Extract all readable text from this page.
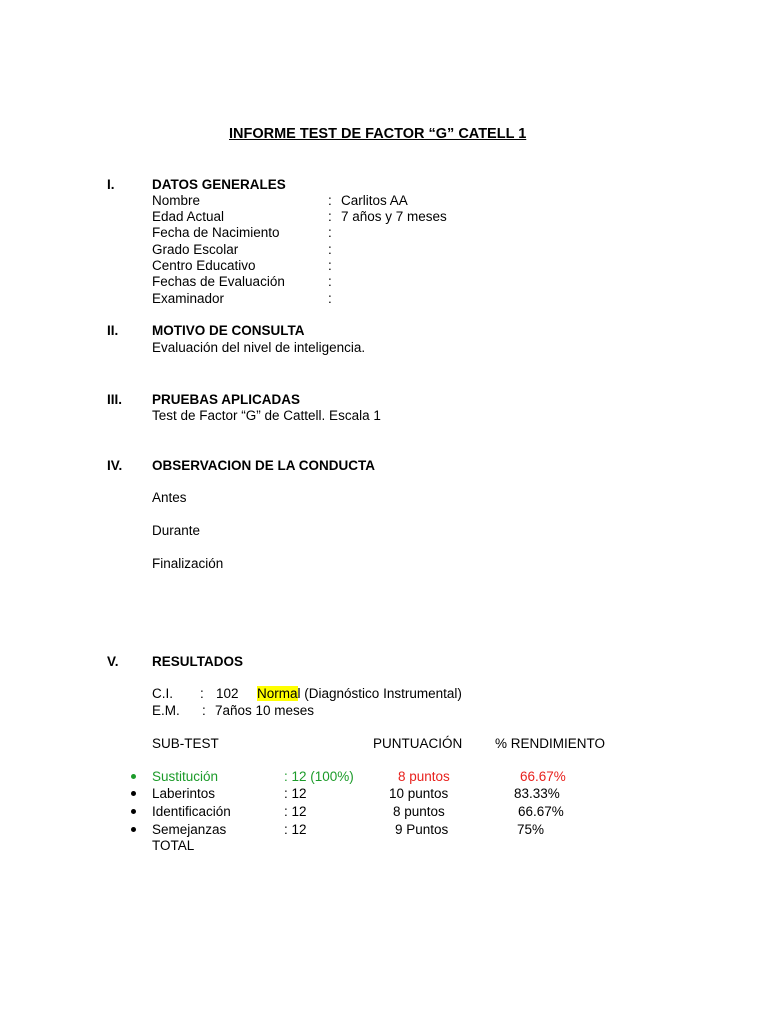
INFORME TEST DE FACTOR “G” CATELL 1
I.	DATOS GENERALES
Nombre	: Carlitos AA
Edad Actual	: 7 años y 7 meses
Fecha de Nacimiento	:
Grado Escolar	:
Centro Educativo	:
Fechas de Evaluación	:
Examinador	:
II. MOTIVO DE CONSULTA
Evaluación del nivel de inteligencia.
III. PRUEBAS APLICADAS
Test de Factor “G” de Cattell. Escala 1
IV. OBSERVACION DE LA CONDUCTA
Antes
Durante
Finalización
V. RESULTADOS
C.I. : 102 Normal (Diagnóstico Instrumental)
E.M. : 7años 10 meses
SUB-TEST	PUNTUACIÓN % RENDIMIENTO
Sustitución	: 12 (100%)	8 puntos	66.67%
Laberintos	: 12	10 puntos	83.33%
Identificación	: 12	8 puntos	66.67%
Semejanzas	: 12	9 Puntos	75%
TOTAL
